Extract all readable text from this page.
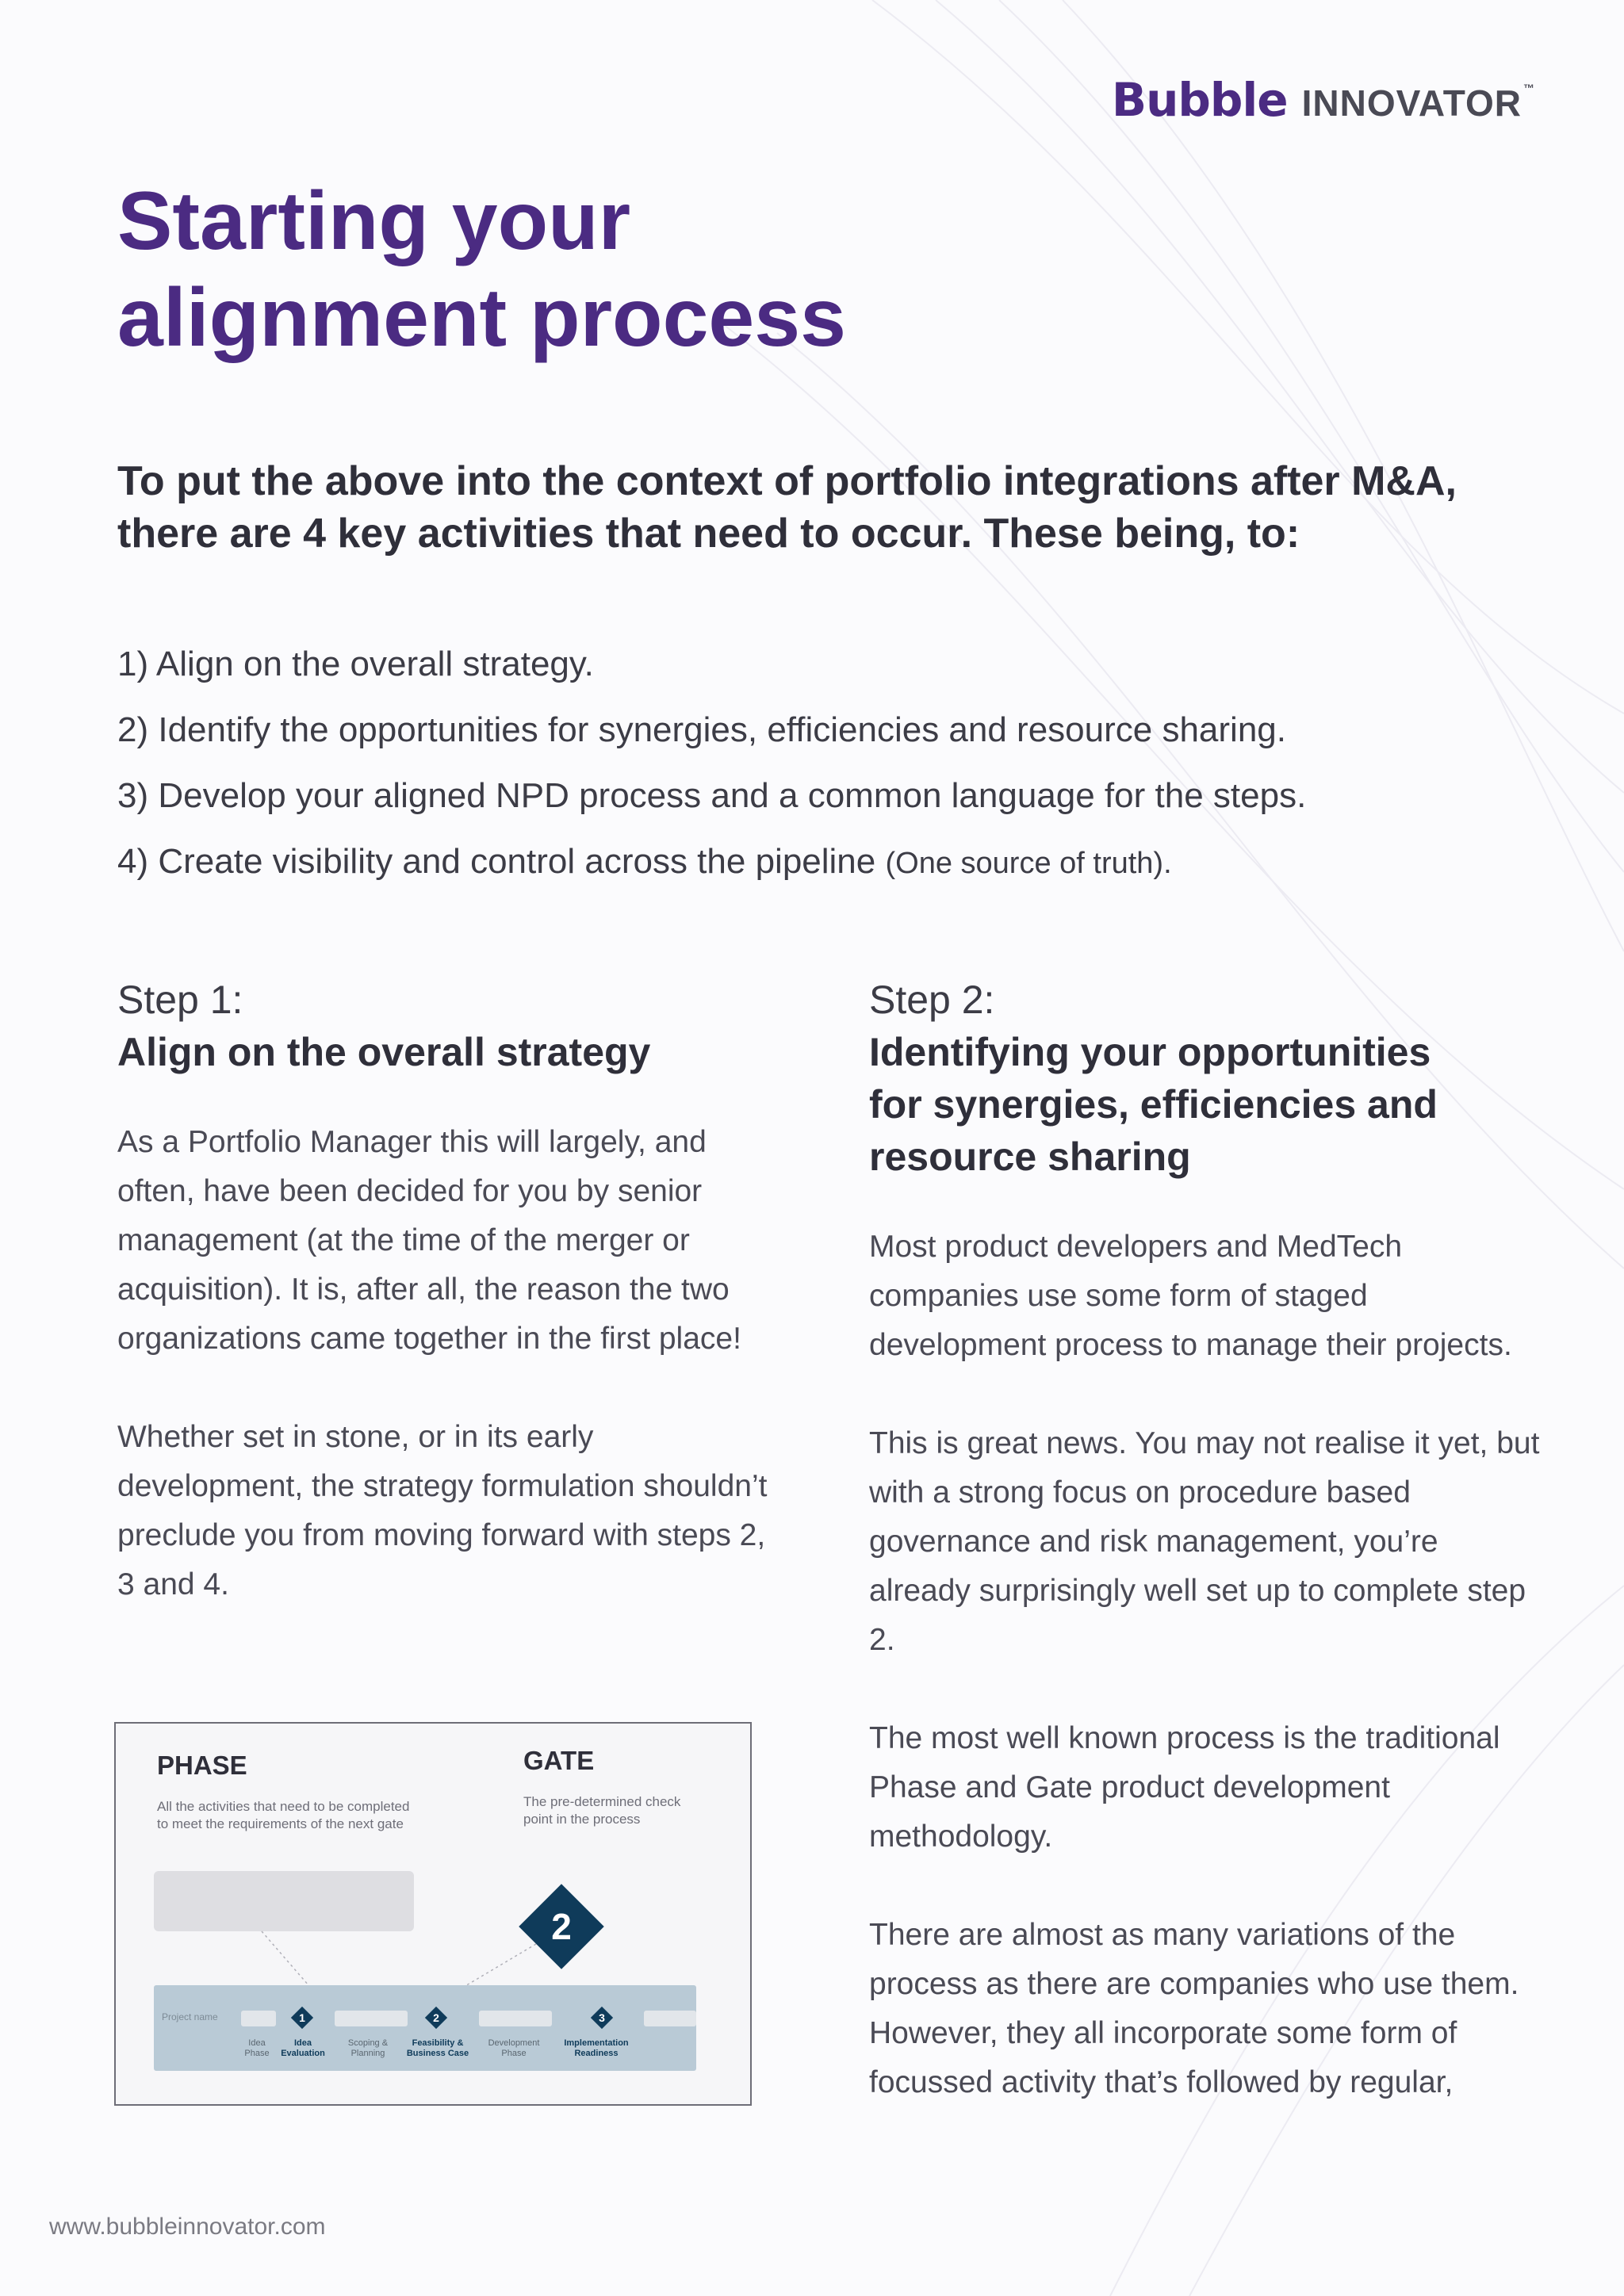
Bubble INNOVATOR ™
Starting your
alignment process

To put the above into the context of portfolio integrations after M&A, there are 4 key activities that need to occur. These being, to:

1) Align on the overall strategy.
2) Identify the opportunities for synergies, efficiencies and resource sharing.
3) Develop your aligned NPD process and a common language for the steps.
4) Create visibility and control across the pipeline (One source of truth).
Step 1:
Align on the overall strategy

As a Portfolio Manager this will largely, and often, have been decided for you by senior management (at the time of the merger or acquisition). It is, after all, the reason the two organizations came together in the first place!

Whether set in stone, or in its early development, the strategy formulation shouldn’t preclude you from moving forward with steps 2, 3 and 4.

Step 2:
Identifying your opportunities for synergies, efficiencies and resource sharing

Most product developers and MedTech companies use some form of staged development process to manage their projects.

This is great news. You may not realise it yet, but with a strong focus on procedure based governance and risk management, you’re already surprisingly well set up to complete step 2.

The most well known process is the traditional Phase and Gate product development methodology.

There are almost as many variations of the process as there are companies who use them. However, they all incorporate some form of focussed activity that’s followed by regular,

PHASE
All the activities that need to be completed to meet the requirements of the next gate
GATE
The pre-determined check point in the process
2
Project name	1	2	3
Idea
Phase
Idea
Evaluation
Scoping &
Planning
Feasibility &
Business Case
Development
Phase
Implementation
Readiness
www.bubbleinnovator.com
